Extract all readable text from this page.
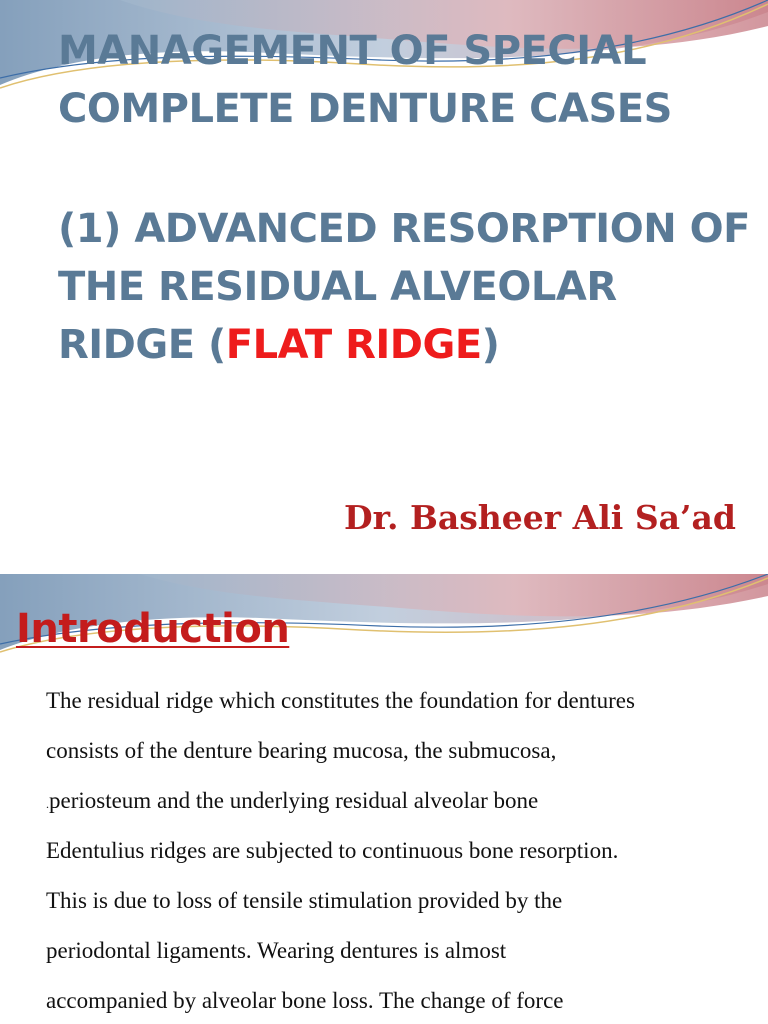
MANAGEMENT OF SPECIAL
COMPLETE DENTURE CASES
(1) ADVANCED RESORPTION OF
THE RESIDUAL ALVEOLAR
RIDGE (FLAT RIDGE)
Dr. Basheer Ali Sa’ad
Introduction
The residual ridge which constitutes the foundation for dentures
consists of the denture bearing mucosa, the submucosa,
.periosteum and the underlying residual alveolar bone
Edentulius ridges are subjected to continuous bone resorption.
This is due to loss of tensile stimulation provided by the
periodontal ligaments. Wearing dentures is almost
accompanied by alveolar bone loss. The change of force
